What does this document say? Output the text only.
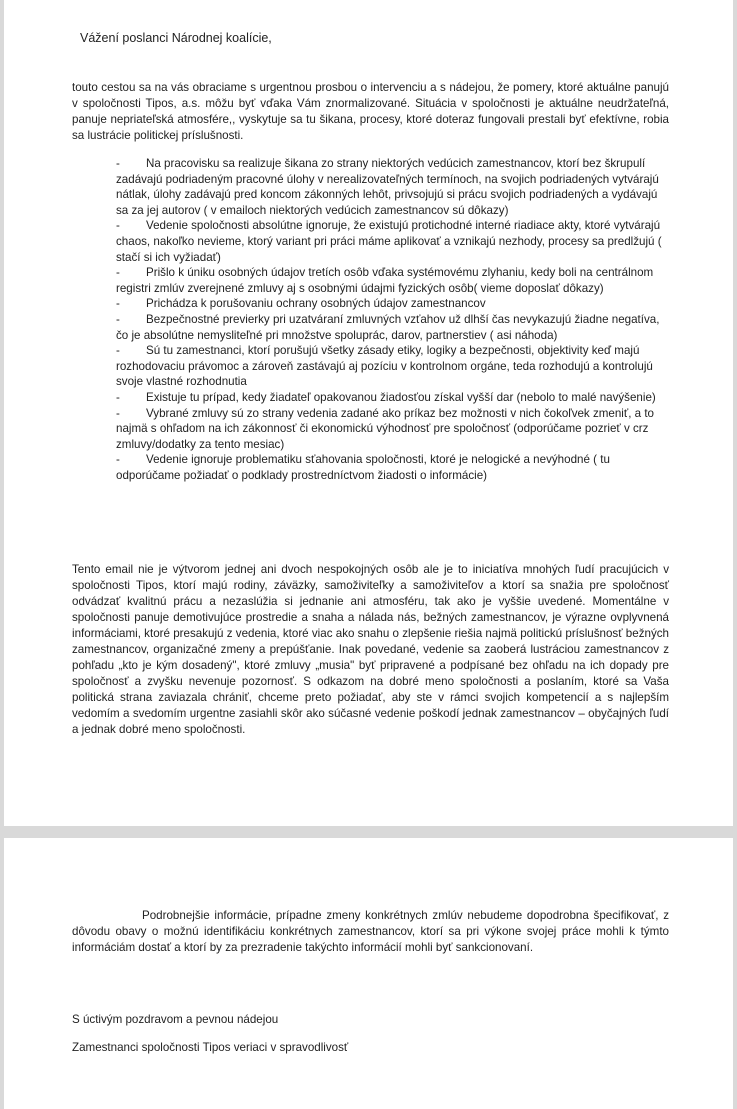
Vážení poslanci Národnej koalície,

touto cestou sa na vás obraciame s urgentnou prosbou o intervenciu a s nádejou, že pomery, ktoré aktuálne panujú v spoločnosti Tipos, a.s. môžu byť vďaka Vám znormalizované. Situácia v spoločnosti je aktuálne neudržateľná, panuje nepriateľská atmosfére,, vyskytuje sa tu šikana, procesy, ktoré doteraz fungovali prestali byť efektívne, robia sa lustrácie politickej príslušnosti.

-	Na pracovisku sa realizuje šikana zo strany niektorých vedúcich zamestnancov, ktorí bez škrupulí zadávajú podriadeným pracovné úlohy v nerealizovateľných termínoch, na svojich podriadených vytvárajú nátlak, úlohy zadávajú pred koncom zákonných lehôt, privsojujú si prácu svojich podriadených a vydávajú sa za jej autorov ( v emailoch niektorých vedúcich zamestnancov sú dôkazy)
-	Vedenie spoločnosti absolútne ignoruje, že existujú protichodné interné riadiace akty, ktoré vytvárajú chaos, nakoľko nevieme, ktorý variant pri práci máme aplikovať a vznikajú nezhody, procesy sa predlžujú ( stačí si ich vyžiadať)
-	Prišlo k úniku osobných údajov tretích osôb vďaka systémovému zlyhaniu, kedy boli na centrálnom registri zmlúv zverejnené zmluvy aj s osobnými údajmi fyzických osôb( vieme doposlať dôkazy)
-	Prichádza k porušovaniu ochrany osobných údajov zamestnancov
-	Bezpečnostné previerky pri uzatváraní zmluvných vzťahov už dlhší čas nevykazujú žiadne negatíva, čo je absolútne nemysliteľné pri množstve spoluprác, darov, partnerstiev ( asi náhoda)
-	Sú tu zamestnanci, ktorí porušujú všetky zásady etiky, logiky a bezpečnosti, objektivity keď majú rozhodovaciu právomoc a zároveň zastávajú aj pozíciu v kontrolnom orgáne, teda rozhodujú a kontrolujú svoje vlastné rozhodnutia
-	Existuje tu prípad, kedy žiadateľ opakovanou žiadosťou získal vyšší dar (nebolo to malé navýšenie)
-	Vybrané zmluvy sú zo strany vedenia zadané ako príkaz bez možnosti v nich čokoľvek zmeniť, a to najmä s ohľadom na ich zákonnosť či ekonomickú výhodnosť pre spoločnosť (odporúčame pozrieť v crz zmluvy/dodatky za tento mesiac)
-	Vedenie ignoruje problematiku sťahovania spoločnosti, ktoré je nelogické a nevýhodné ( tu odporúčame požiadať o podklady prostredníctvom žiadosti o informácie)

Tento email nie je výtvorom jednej ani dvoch nespokojných osôb ale je to iniciatíva mnohých ľudí pracujúcich v spoločnosti Tipos, ktorí majú rodiny, záväzky, samoživiteľky a samoživiteľov a ktorí sa snažia pre spoločnosť odvádzať kvalitnú prácu a nezaslúžia si jednanie ani atmosféru, tak ako je vyššie uvedené. Momentálne v spoločnosti panuje demotivujúce prostredie a snaha a nálada nás, bežných zamestnancov, je výrazne ovplyvnená informáciami, ktoré presakujú z vedenia, ktoré viac ako snahu o zlepšenie riešia najmä politickú príslušnosť bežných zamestnancov, organizačné zmeny a prepúšťanie. Inak povedané, vedenie sa zaoberá lustráciou zamestnancov z pohľadu „kto je kým dosadený", ktoré zmluvy „musia" byť pripravené a podpísané bez ohľadu na ich dopady pre spoločnosť a zvyšku nevenuje pozornosť. S odkazom na dobré meno spoločnosti a poslaním, ktoré sa Vaša politická strana zaviazala chrániť, chceme preto požiadať, aby ste v rámci svojich kompetencií a s najlepším vedomím a svedomím urgentne zasiahli skôr ako súčasné vedenie poškodí jednak zamestnancov – obyčajných ľudí a jednak dobré meno spoločnosti.

Podrobnejšie informácie, prípadne zmeny konkrétnych zmlúv nebudeme dopodrobna špecifikovať, z dôvodu obavy o možnú identifikáciu konkrétnych zamestnancov, ktorí sa pri výkone svojej práce mohli k týmto informáciám dostať a ktorí by za prezradenie takýchto informácií mohli byť sankcionovaní.

S úctivým pozdravom a pevnou nádejou
Zamestnanci spoločnosti Tipos veriaci v spravodlivosť
